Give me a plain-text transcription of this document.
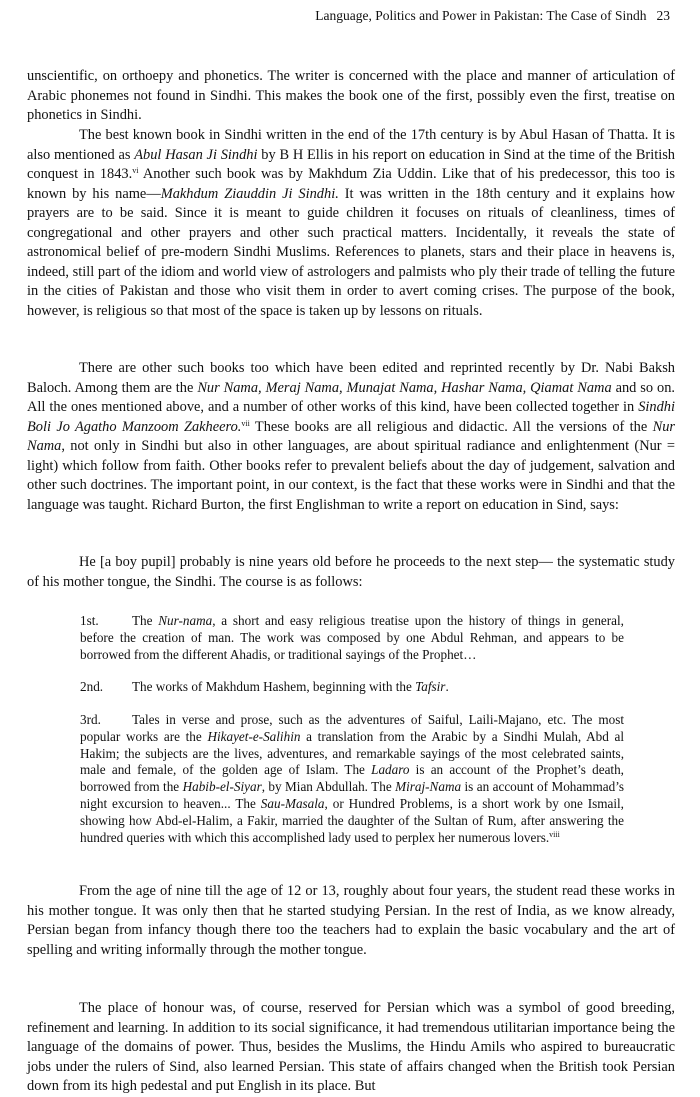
Language, Politics and Power in Pakistan: The Case of Sindh 23

unscientific, on orthoepy and phonetics. The writer is concerned with the place and manner of articulation of Arabic phonemes not found in Sindhi. This makes the book one of the first, possibly even the first, treatise on phonetics in Sindhi.

The best known book in Sindhi written in the end of the 17th century is by Abul Hasan of Thatta. It is also mentioned as Abul Hasan Ji Sindhi by B H Ellis in his report on education in Sind at the time of the British conquest in 1843.$^{vi}$ Another such book was by Makhdum Zia Uddin. Like that of his predecessor, this too is known by his name—Makhdum Ziauddin Ji Sindhi. It was written in the 18th century and it explains how prayers are to be said. Since it is meant to guide children it focuses on rituals of cleanliness, times of congregational and other prayers and other such practical matters. Incidentally, it reveals the state of astronomical belief of pre-modern Sindhi Muslims. References to planets, stars and their place in heavens is, indeed, still part of the idiom and world view of astrologers and palmists who ply their trade of telling the future in the cities of Pakistan and those who visit them in order to avert coming crises. The purpose of the book, however, is religious so that most of the space is taken up by lessons on rituals.

There are other such books too which have been edited and reprinted recently by Dr. Nabi Baksh Baloch. Among them are the Nur Nama, Meraj Nama, Munajat Nama, Hashar Nama, Qiamat Nama and so on. All the ones mentioned above, and a number of other works of this kind, have been collected together in Sindhi Boli Jo Agatho Manzoom Zakheero.$^{vii}$ These books are all religious and didactic. All the versions of the Nur Nama, not only in Sindhi but also in other languages, are about spiritual radiance and enlightenment (Nur = light) which follow from faith. Other books refer to prevalent beliefs about the day of judgement, salvation and other such doctrines. The important point, in our context, is the fact that these works were in Sindhi and that the language was taught. Richard Burton, the first Englishman to write a report on education in Sind, says:

He [a boy pupil] probably is nine years old before he proceeds to the next step— the systematic study of his mother tongue, the Sindhi. The course is as follows:

1st.	The Nur-nama, a short and easy religious treatise upon the history of things in general, before the creation of man. The work was composed by one Abdul Rehman, and appears to be borrowed from the different Ahadis, or traditional sayings of the Prophet…

2nd. The works of Makhdum Hashem, beginning with the Tafsir.

3rd. Tales in verse and prose, such as the adventures of Saiful, Laili-Majano, etc. The most popular works are the Hikayet-e-Salihin a translation from the Arabic by a Sindhi Mulah, Abd al Hakim; the subjects are the lives, adventures, and remarkable sayings of the most celebrated saints, male and female, of the golden age of Islam. The Ladaro is an account of the Prophet’s death, borrowed from the Habib-el-Siyar, by Mian Abdullah. The Miraj-Nama is an account of Mohammad’s night excursion to heaven... The Sau-Masala, or Hundred Problems, is a short work by one Ismail, showing how Abd-el-Halim, a Fakir, married the daughter of the Sultan of Rum, after answering the hundred queries with which this accomplished lady used to perplex her numerous lovers.$^{viii}$

From the age of nine till the age of 12 or 13, roughly about four years, the student read these works in his mother tongue. It was only then that he started studying Persian. In the rest of India, as we know already, Persian began from infancy though there too the teachers had to explain the basic vocabulary and the art of spelling and writing informally through the mother tongue.

The place of honour was, of course, reserved for Persian which was a symbol of good breeding, refinement and learning. In addition to its social significance, it had tremendous utilitarian importance being the language of the domains of power. Thus, besides the Muslims, the Hindu Amils who aspired to bureaucratic jobs under the rulers of Sind, also learned Persian. This state of affairs changed when the British took Persian down from its high pedestal and put English in its place. But
